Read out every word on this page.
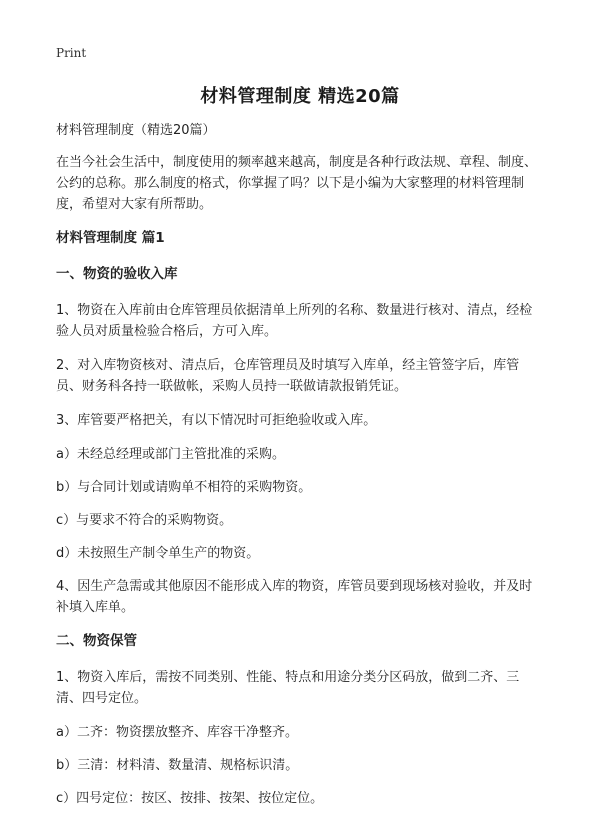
Print
材料管理制度 精选20篇

材料管理制度（精选20篇）

在当今社会生活中，制度使用的频率越来越高，制度是各种行政法规、章程、制度、公约的总称。那么制度的格式，你掌握了吗？以下是小编为大家整理的材料管理制度，希望对大家有所帮助。

材料管理制度 篇1

一、物资的验收入库

1、物资在入库前由仓库管理员依据清单上所列的名称、数量进行核对、清点，经检验人员对质量检验合格后，方可入库。

2、对入库物资核对、清点后，仓库管理员及时填写入库单，经主管签字后，库管员、财务科各持一联做帐，采购人员持一联做请款报销凭证。

3、库管要严格把关，有以下情况时可拒绝验收或入库。

a）未经总经理或部门主管批准的采购。

b）与合同计划或请购单不相符的采购物资。

c）与要求不符合的采购物资。

d）未按照生产制令单生产的物资。

4、因生产急需或其他原因不能形成入库的物资，库管员要到现场核对验收，并及时补填入库单。

二、物资保管

1、物资入库后，需按不同类别、性能、特点和用途分类分区码放，做到二齐、三清、四号定位。

a）二齐：物资摆放整齐、库容干净整齐。

b）三清：材料清、数量清、规格标识清。

c）四号定位：按区、按排、按架、按位定位。
